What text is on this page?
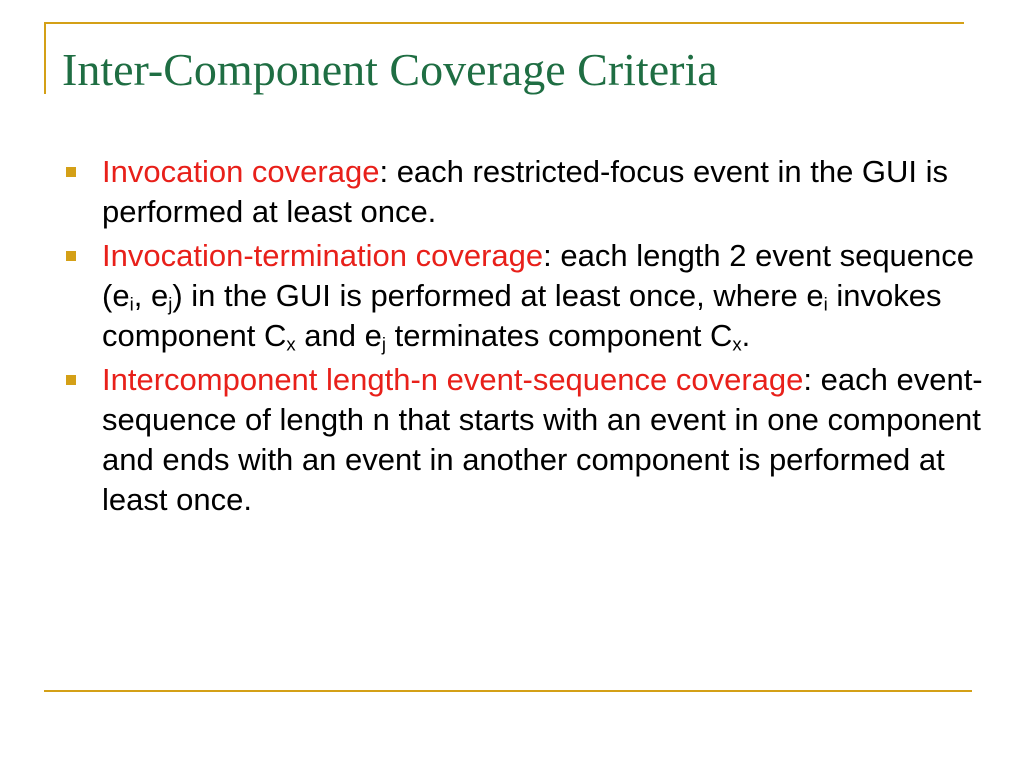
Inter-Component Coverage Criteria
Invocation coverage: each restricted-focus event in the GUI is performed at least once.
Invocation-termination coverage: each length 2 event sequence ($e_i$, $e_j$) in the GUI is performed at least once, where $e_i$ invokes component $C_x$ and $e_j$ terminates component $C_x$.
Intercomponent length-n event-sequence coverage: each event-sequence of length n that starts with an event in one component and ends with an event in another component is performed at least once.
